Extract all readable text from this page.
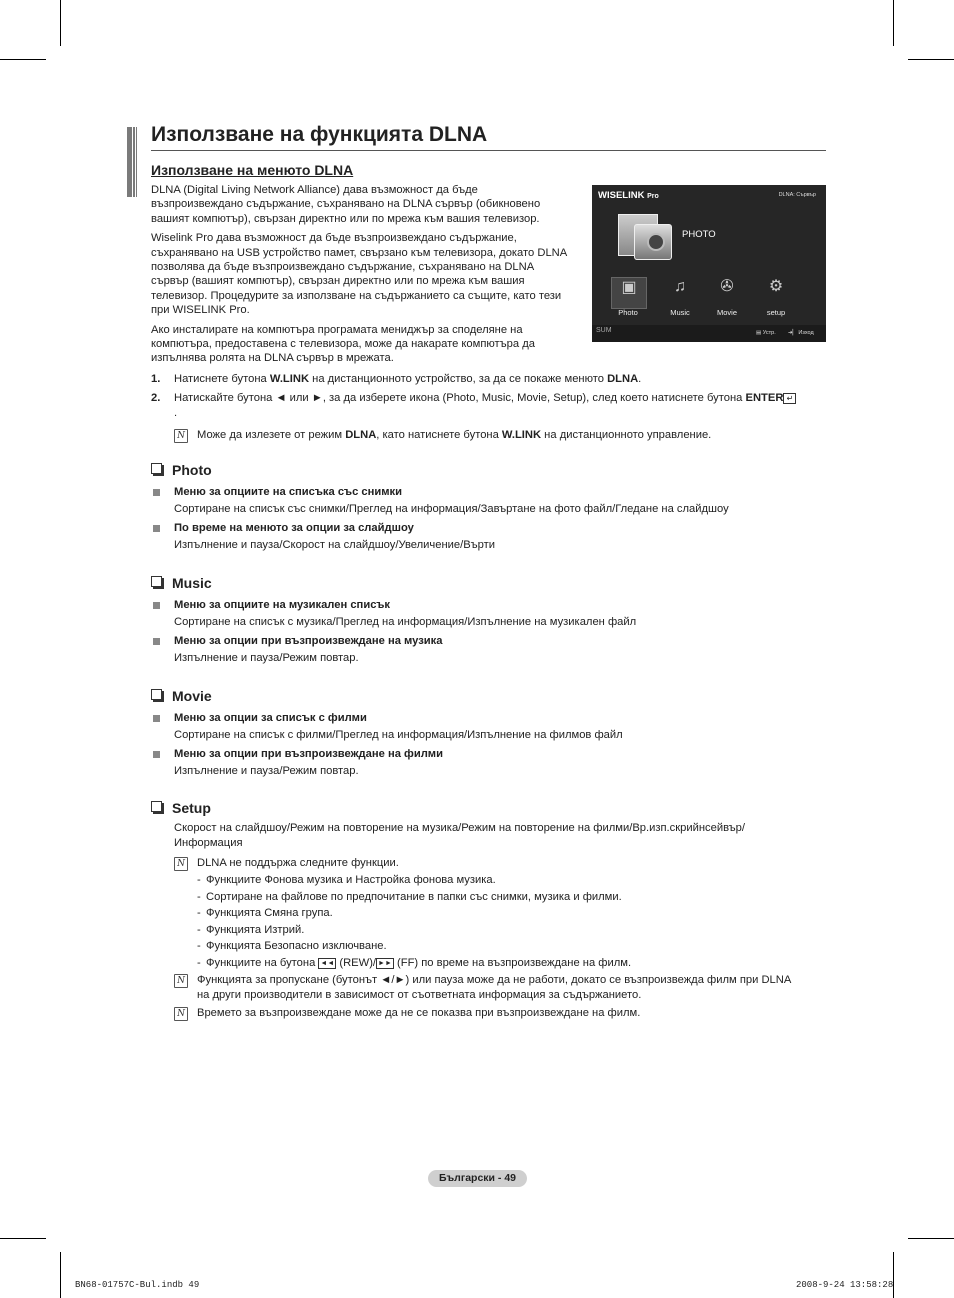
Използване на функцията DLNA
Използване на менюто DLNA

DLNA (Digital Living Network Alliance) дава възможност да бъде възпроизвеждано съдържание, съхранявано на DLNA сървър (обикновено вашият компютър), свързан директно или по мрежа към вашия телевизор.

Wiselink Pro дава възможност да бъде възпроизвеждано съдържание, съхранявано на USB устройство памет, свързано към телевизора, докато DLNA позволява да бъде възпроизвеждано съдържание, съхранявано на DLNA сървър (вашият компютър), свързан директно или по мрежа към вашия телевизор. Процедурите за използване на съдържанието са същите, като тези при WISELINK Pro.

Ако инсталирате на компютъра програмата мениджър за споделяне на компютъра, предоставена с телевизора, може да накарате компютъра да изпълнява ролята на DLNA сървър в мрежата.

WISELINK Pro	DLNA: Сървър
PHOTO
▣	♫	✇	⚙
Photo	Music	Movie	setup
SUM	▤ Устр. ➜▏ Изход
1. Натиснете бутона W.LINK на дистанционното устройство, за да се покаже менюто DLNA.
2. Натискайте бутона ◄ или ►, за да изберете икона (Photo, Music, Movie, Setup), след което натиснете бутона ENTER ↵
.
N Може да излезете от режим DLNA, като натиснете бутона W.LINK на дистанционното управление.
Photo
Меню за опциите на списъка със снимки
Сортиране на списък със снимки/Преглед на информация/Завъртане на фото файл/Гледане на слайдшоу
По време на менюто за опции за слайдшоу
Изпълнение и пауза/Скорост на слайдшоу/Увеличение/Върти
Music
Меню за опциите на музикален списък
Сортиране на списък с музика/Преглед на информация/Изпълнение на музикален файл
Меню за опции при възпроизвеждане на музика
Изпълнение и пауза/Режим повтар.
Movie
Меню за опции за списък с филми
Сортиране на списък с филми/Преглед на информация/Изпълнение на филмов файл
Меню за опции при възпроизвеждане на филми
Изпълнение и пауза/Режим повтар.
Setup
Скорост на слайдшоу/Режим на повторение на музика/Режим на повторение на филми/Вр.изп.скрийнсейвър/
Информация
N DLNA не поддържа следните функции.
- Функциите Фонова музика и Настройка фонова музика.
- Сортиране на файлове по предпочитание в папки със снимки, музика и филми.
- Функцията Смяна група.
- Функцията Изтрий.
- Функцията Безопасно изключване.
- Функциите на бутона ◄◄ (REW)/ ►► (FF) по време на възпроизвеждане на филм.
N Функцията за пропускане (бутонът ◄/►) или пауза може да не работи, докато се възпроизвежда филм при DLNA
на други производители в зависимост от съответната информация за съдържанието.
N Времето за възпроизвеждане може да не се показва при възпроизвеждане на филм.
Български - 49
BN68-01757C-Bul.indb 49	2008-9-24 13:58:28
